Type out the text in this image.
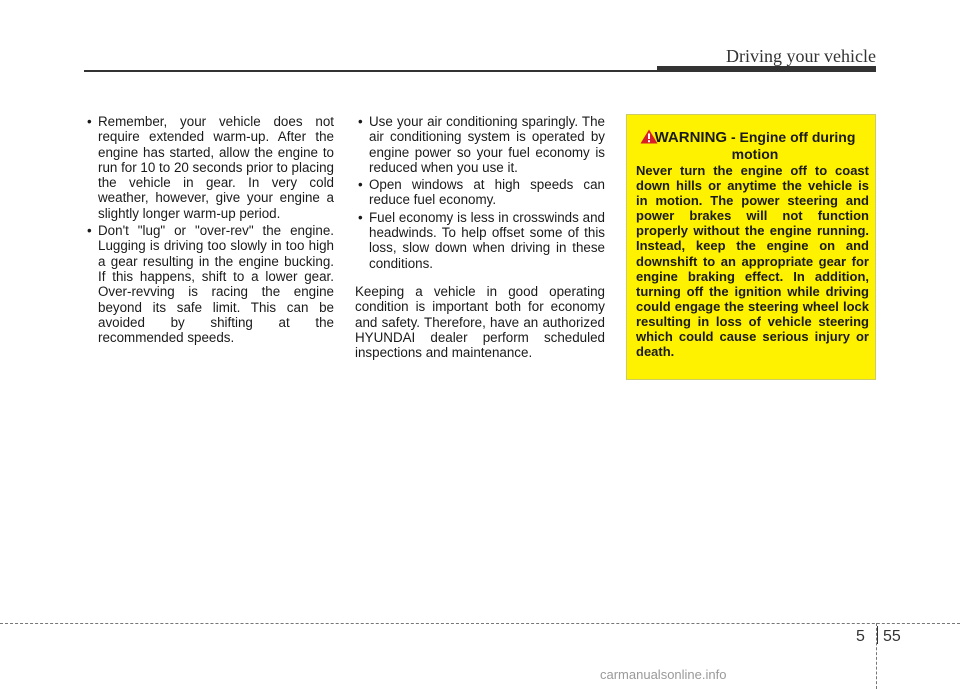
Driving your vehicle
• Remember, your vehicle does not require extended warm-up. After the engine has started, allow the engine to run for 10 to 20 seconds prior to placing the vehicle in gear. In very cold weather, however, give your engine a slightly longer warm-up period.
• Don't "lug" or "over-rev" the engine. Lugging is driving too slowly in too high a gear resulting in the engine bucking. If this happens, shift to a lower gear. Over-revving is racing the engine beyond its safe limit. This can be avoided by shifting at the recommended speeds.
• Use your air conditioning sparingly. The air conditioning system is operated by engine power so your fuel economy is reduced when you use it.
• Open windows at high speeds can reduce fuel economy.
• Fuel economy is less in crosswinds and headwinds. To help offset some of this loss, slow down when driving in these conditions.

Keeping a vehicle in good operating condition is important both for economy and safety. Therefore, have an authorized HYUNDAI dealer perform scheduled inspections and maintenance.

WARNING - Engine off during motion
Never turn the engine off to coast down hills or anytime the vehicle is in motion. The power steering and power brakes will not function properly without the engine running. Instead, keep the engine on and downshift to an appropriate gear for engine braking effect. In addition, turning off the ignition while driving could engage the steering wheel lock resulting in loss of vehicle steering which could cause serious injury or death.
5 55
carmanualsonline.info
